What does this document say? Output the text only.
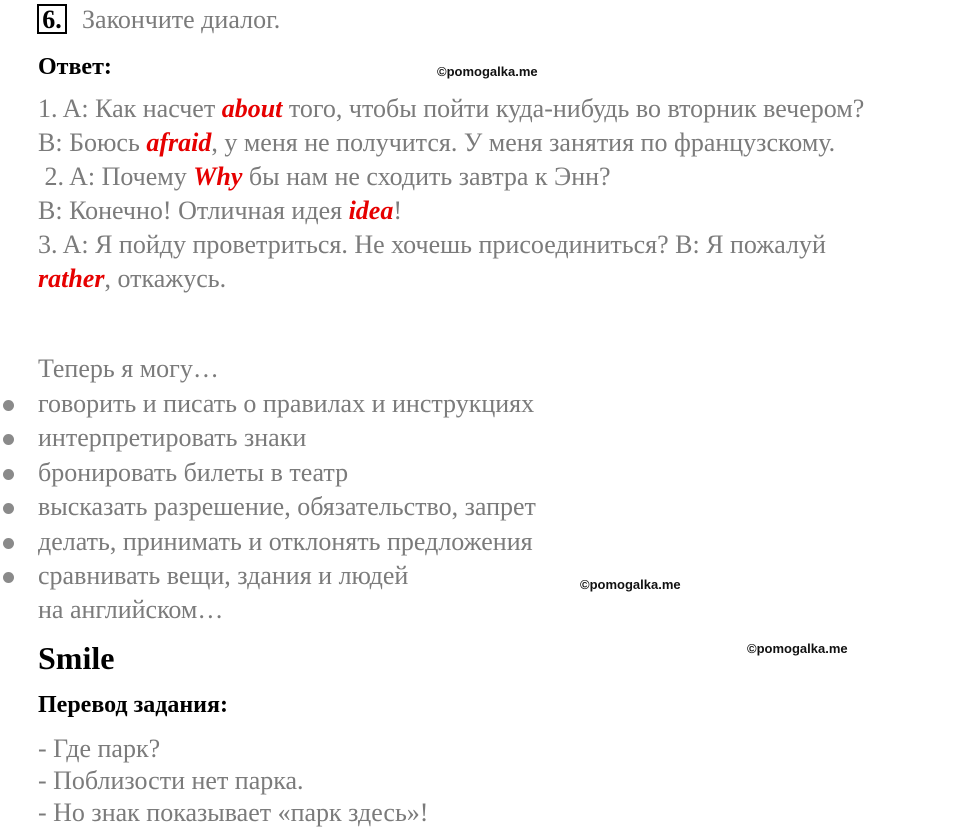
6. Закончите диалог.
Ответ:	©pomogalka.me
1. A: Как насчет about того, чтобы пойти куда-нибудь во вторник вечером?
B: Боюсь afraid, у меня не получится. У меня занятия по французскому.
2. A: Почему Why бы нам не сходить завтра к Энн?
B: Конечно! Отличная идея idea!
3. A: Я пойду проветриться. Не хочешь присоединиться? B: Я пожалуй
rather, откажусь.
Теперь я могу…
говорить и писать о правилах и инструкциях
интерпретировать знаки
бронировать билеты в театр
высказать разрешение, обязательство, запрет
делать, принимать и отклонять предложения
сравнивать вещи, здания и людей	©pomogalka.me
на английском…
Smile	©pomogalka.me
Перевод задания:
- Где парк?
- Поблизости нет парка.
- Но знак показывает «парк здесь»!
